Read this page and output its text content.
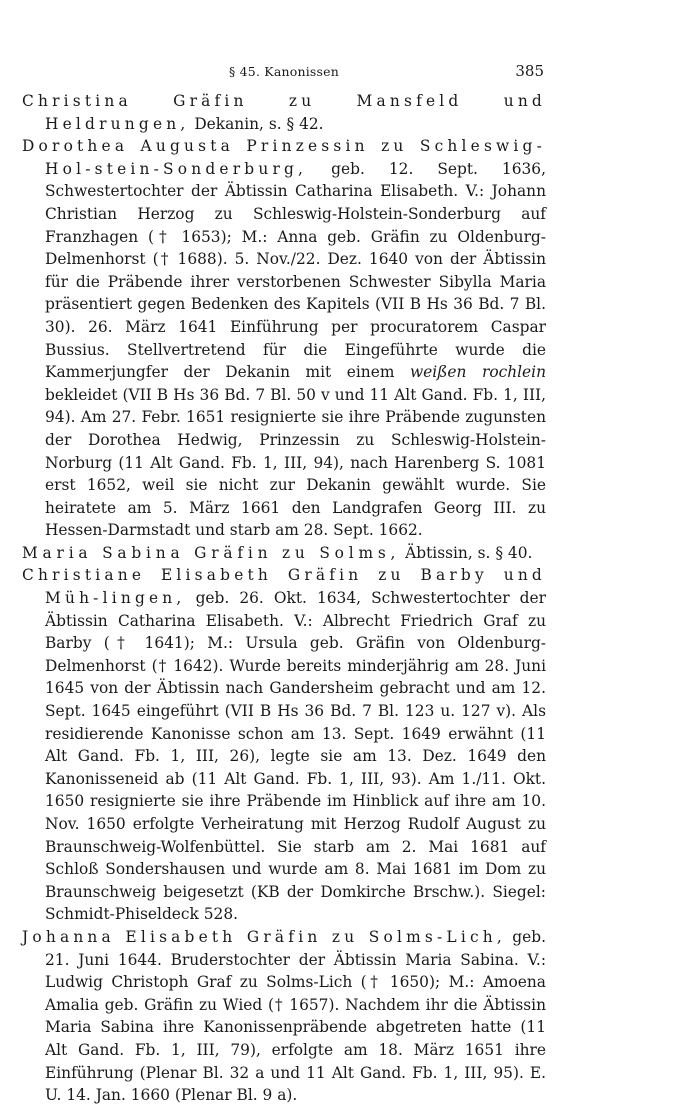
§ 45. Kanonissen	385

Christina Gräfin zu Mansfeld und Heldrungen, Dekanin, s. § 42.

Dorothea Augusta Prinzessin zu Schleswig-Hol-stein-Sonderburg, geb. 12. Sept. 1636, Schwestertochter der Äbtissin Catharina Elisabeth. V.: Johann Christian Herzog zu Schleswig-Holstein-Sonderburg auf Franzhagen († 1653); M.: Anna geb. Gräfin zu Oldenburg-Delmenhorst († 1688). 5. Nov./22. Dez. 1640 von der Äbtissin für die Präbende ihrer verstorbenen Schwester Sibylla Maria präsentiert gegen Bedenken des Kapitels (VII B Hs 36 Bd. 7 Bl. 30). 26. März 1641 Einführung per procuratorem Caspar Bussius. Stellvertretend für die Eingeführte wurde die Kammerjungfer der Dekanin mit einem weißen rochlein bekleidet (VII B Hs 36 Bd. 7 Bl. 50 v und 11 Alt Gand. Fb. 1, III, 94). Am 27. Febr. 1651 resignierte sie ihre Präbende zugunsten der Dorothea Hedwig, Prinzessin zu Schleswig-Holstein-Norburg (11 Alt Gand. Fb. 1, III, 94), nach Harenberg S. 1081 erst 1652, weil sie nicht zur Dekanin gewählt wurde. Sie heiratete am 5. März 1661 den Landgrafen Georg III. zu Hessen-Darmstadt und starb am 28. Sept. 1662.

Maria Sabina Gräfin zu Solms, Äbtissin, s. § 40.

Christiane Elisabeth Gräfin zu Barby und Müh-lingen, geb. 26. Okt. 1634, Schwestertochter der Äbtissin Catharina Elisabeth. V.: Albrecht Friedrich Graf zu Barby († 1641); M.: Ursula geb. Gräfin von Oldenburg-Delmenhorst († 1642). Wurde bereits minderjährig am 28. Juni 1645 von der Äbtissin nach Gandersheim gebracht und am 12. Sept. 1645 eingeführt (VII B Hs 36 Bd. 7 Bl. 123 u. 127 v). Als residierende Kanonisse schon am 13. Sept. 1649 erwähnt (11 Alt Gand. Fb. 1, III, 26), legte sie am 13. Dez. 1649 den Kanonisseneid ab (11 Alt Gand. Fb. 1, III, 93). Am 1./11. Okt. 1650 resignierte sie ihre Präbende im Hinblick auf ihre am 10. Nov. 1650 erfolgte Verheiratung mit Herzog Rudolf August zu Braunschweig-Wolfenbüttel. Sie starb am 2. Mai 1681 auf Schloß Sondershausen und wurde am 8. Mai 1681 im Dom zu Braunschweig beigesetzt (KB der Domkirche Brschw.). Siegel: Schmidt-Phiseldeck 528.

Johanna Elisabeth Gräfin zu Solms-Lich, geb. 21. Juni 1644. Bruderstochter der Äbtissin Maria Sabina. V.: Ludwig Christoph Graf zu Solms-Lich († 1650); M.: Amoena Amalia geb. Gräfin zu Wied († 1657). Nachdem ihr die Äbtissin Maria Sabina ihre Kanonissenpräbende abgetreten hatte (11 Alt Gand. Fb. 1, III, 79), erfolgte am 18. März 1651 ihre Einführung (Plenar Bl. 32 a und 11 Alt Gand. Fb. 1, III, 95). E. U. 14. Jan. 1660 (Plenar Bl. 9 a).
